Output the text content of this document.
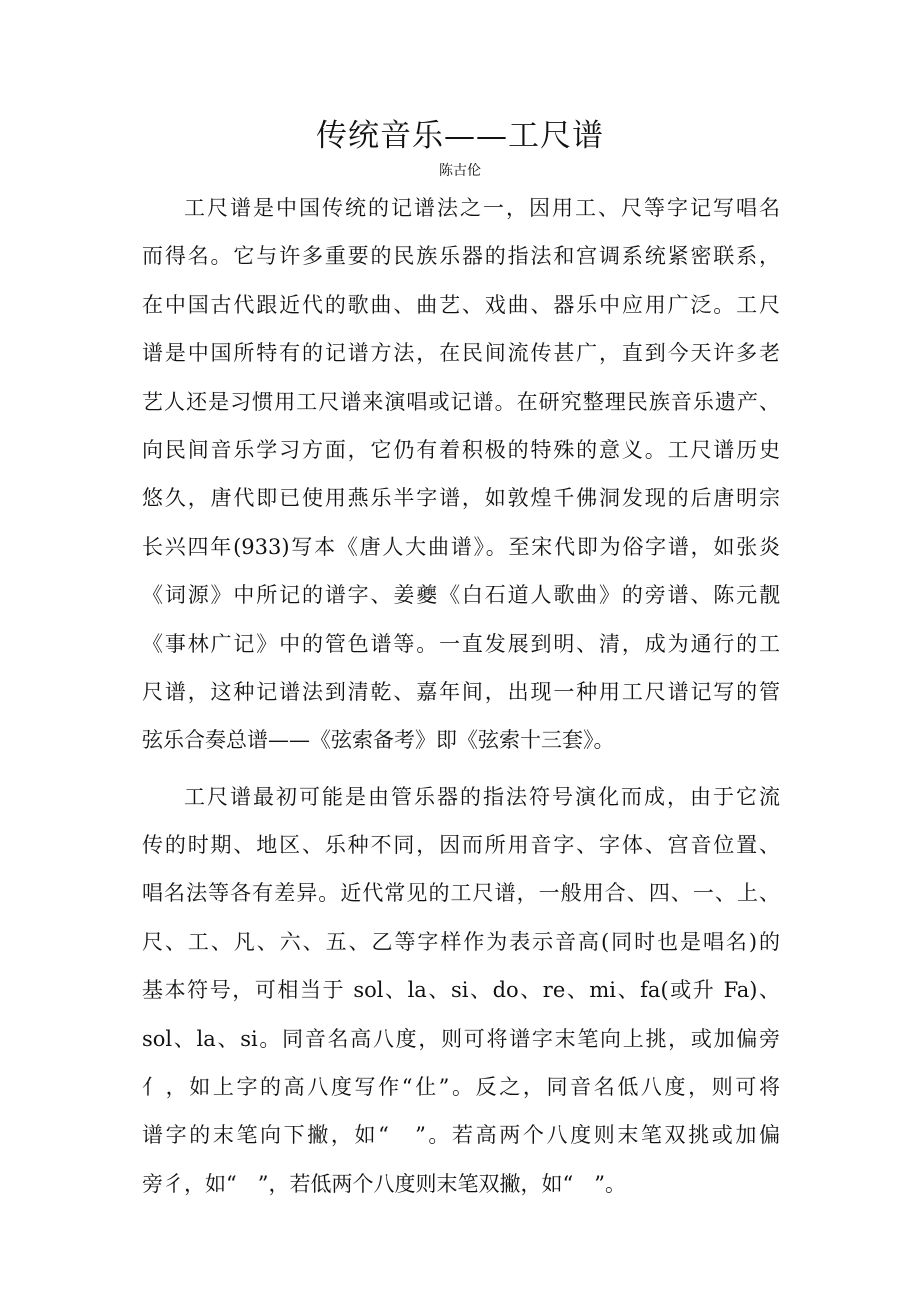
传统音乐——工尺谱
陈古伦
工尺谱是中国传统的记谱法之一，因用工、尺等字记写唱名
而得名。它与许多重要的民族乐器的指法和宫调系统紧密联系，
在中国古代跟近代的歌曲、曲艺、戏曲、器乐中应用广泛。工尺
谱是中国所特有的记谱方法，在民间流传甚广，直到今天许多老
艺人还是习惯用工尺谱来演唱或记谱。在研究整理民族音乐遗产、
向民间音乐学习方面，它仍有着积极的特殊的意义。工尺谱历史
悠久，唐代即已使用燕乐半字谱，如敦煌千佛洞发现的后唐明宗
长兴四年(933)写本《唐人大曲谱》。至宋代即为俗字谱，如张炎
《词源》中所记的谱字、姜夔《白石道人歌曲》的旁谱、陈元靓
《事林广记》中的管色谱等。一直发展到明、清，成为通行的工
尺谱，这种记谱法到清乾、嘉年间，出现一种用工尺谱记写的管
弦乐合奏总谱——《弦索备考》即《弦索十三套》。
工尺谱最初可能是由管乐器的指法符号演化而成，由于它流
传的时期、地区、乐种不同，因而所用音字、字体、宫音位置、
唱名法等各有差异。近代常见的工尺谱，一般用合、四、一、上、
尺、工、凡、六、五、乙等字样作为表示音高(同时也是唱名)的
基本符号，可相当于 sol、la、si、do、re、mi、fa(或升 Fa)、
sol、la、si。同音名高八度，则可将谱字末笔向上挑，或加偏旁
亻，如上字的高八度写作“仩”。反之，同音名低八度，则可将
谱字的末笔向下撇，如“　”。若高两个八度则末笔双挑或加偏
旁彳，如“　”，若低两个八度则末笔双撇，如“　”。
